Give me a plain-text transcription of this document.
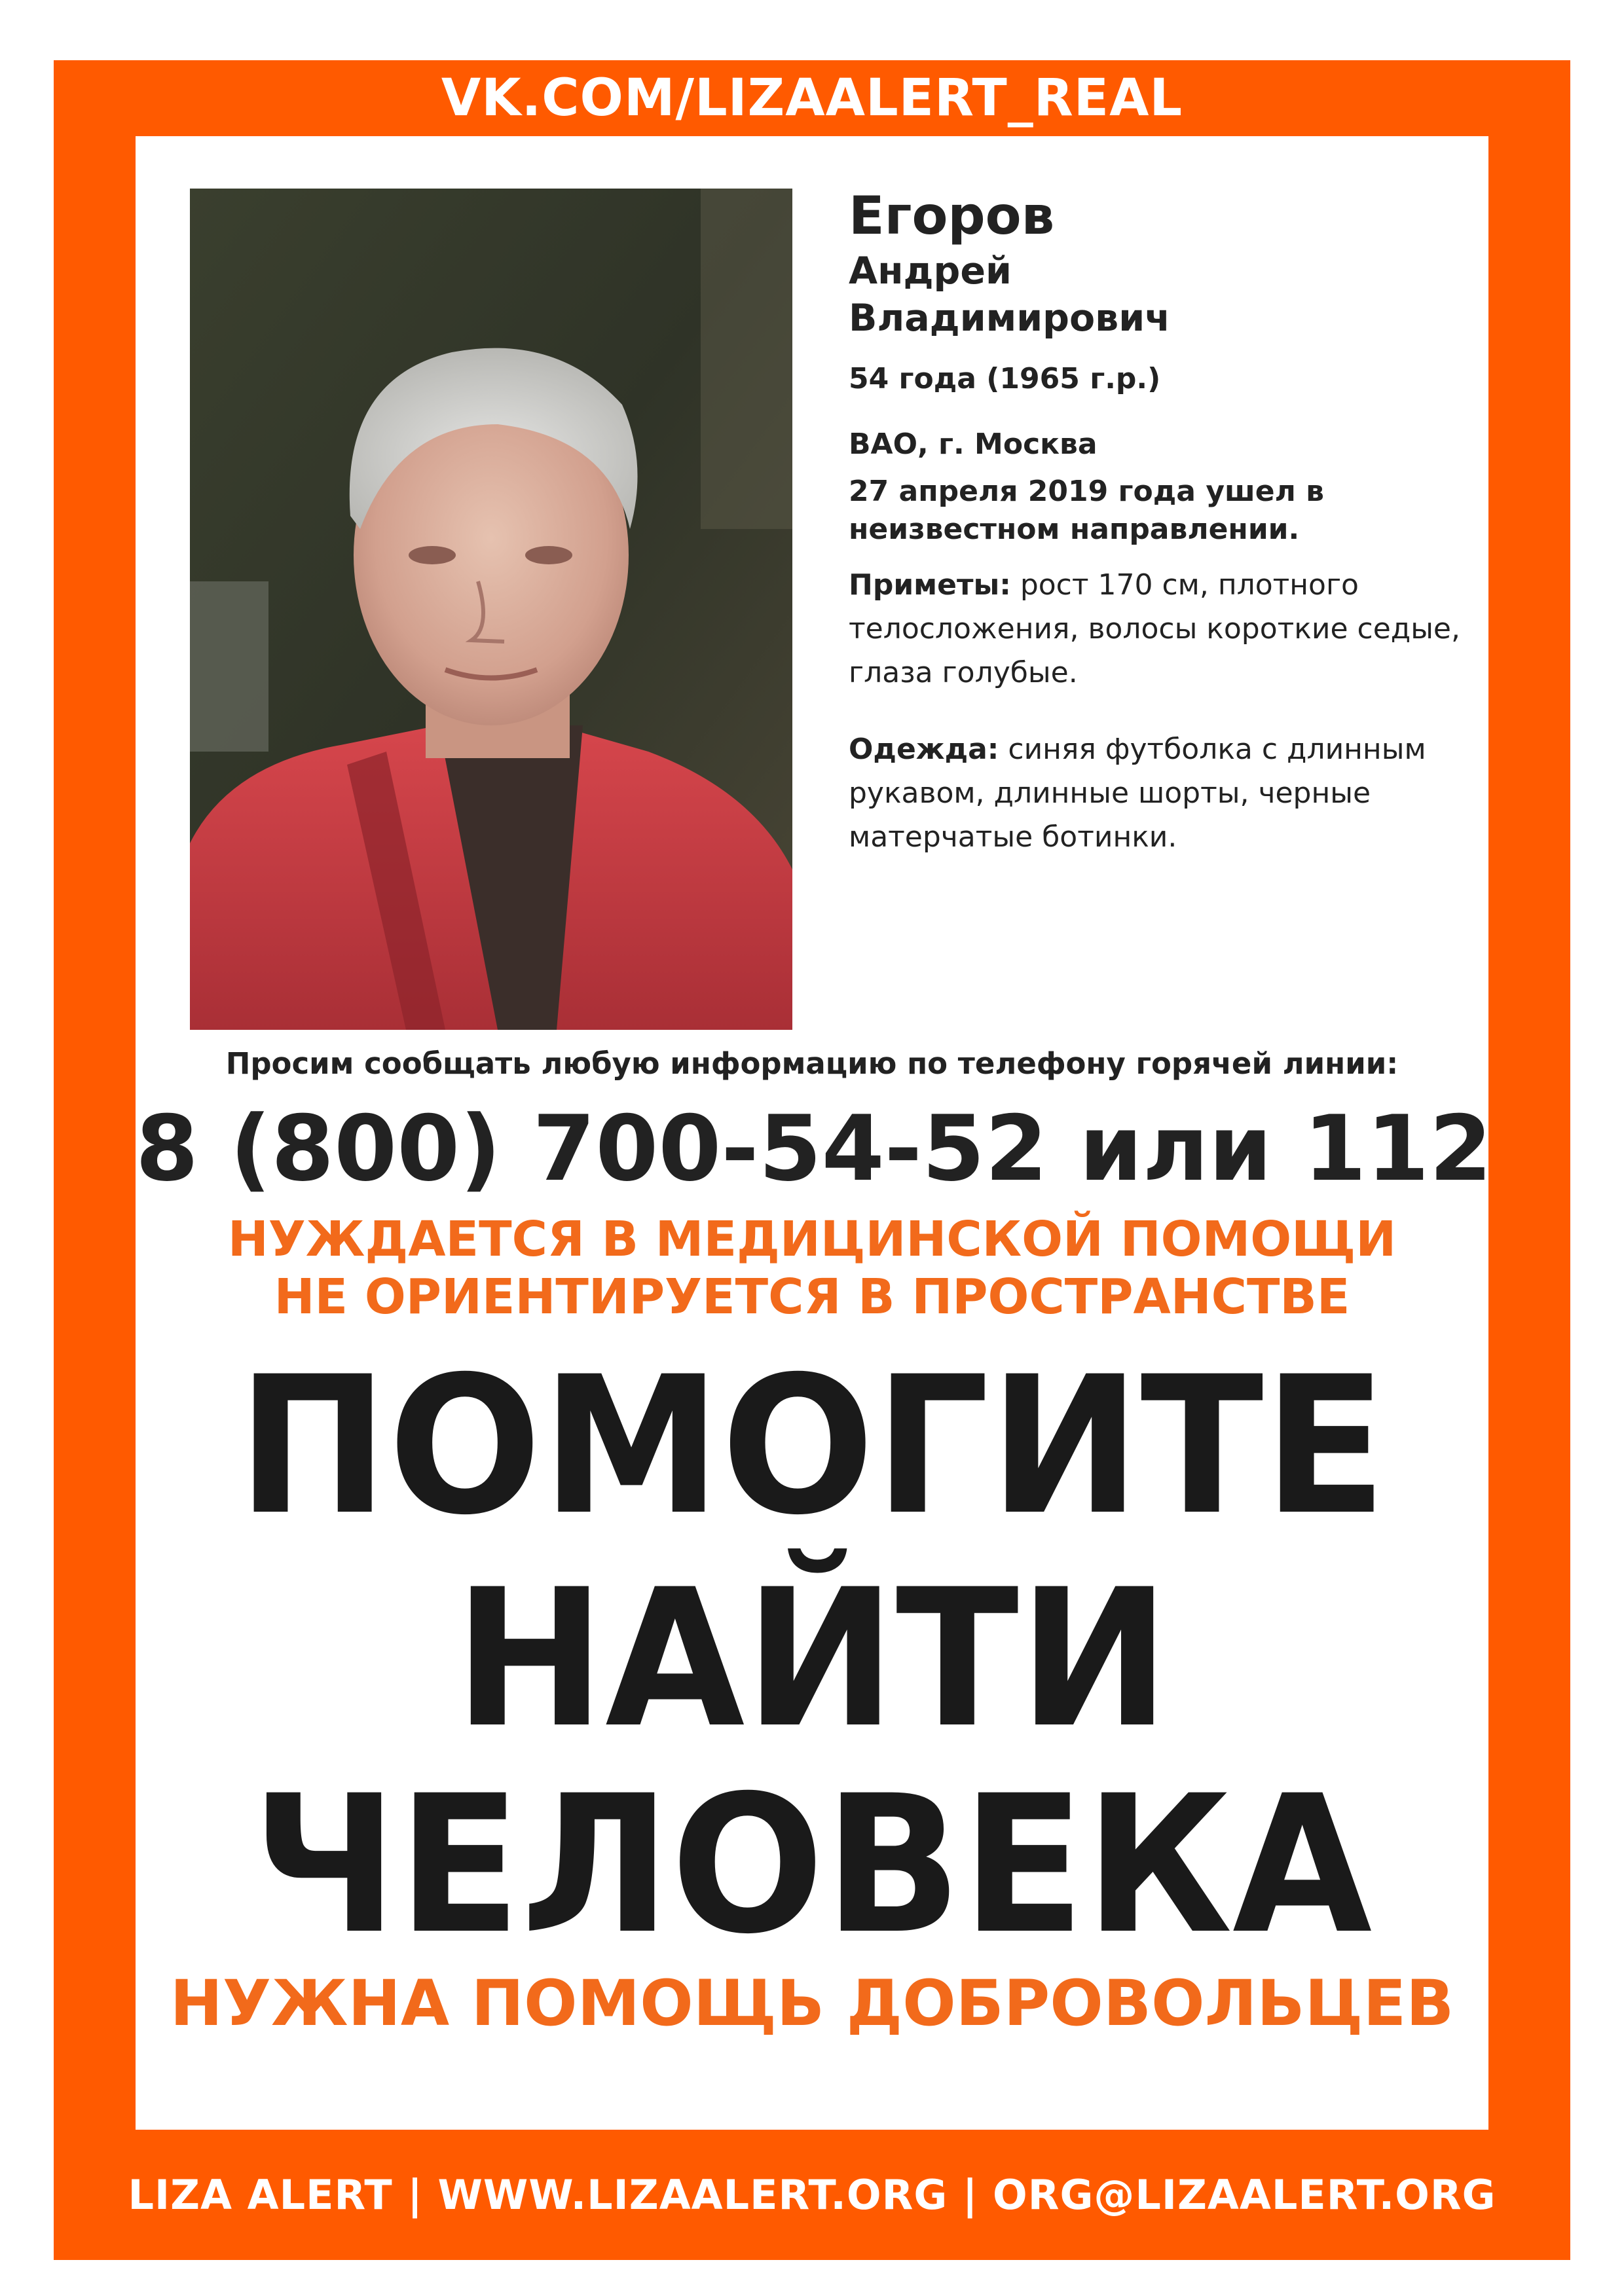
VK.COM/LIZAALERT_REAL
Егоров
Андрей
Владимирович
54 года (1965 г.р.)
ВАО, г. Москва
27 апреля 2019 года ушел в неизвестном направлении.
Приметы: рост 170 см, плотного телосложения, волосы короткие седые, глаза голубые.
Одежда: синяя футболка с длинным рукавом, длинные шорты, черные матерчатые ботинки.
Просим сообщать любую информацию по телефону горячей линии:
8 (800) 700-54-52 или 112
НУЖДАЕТСЯ В МЕДИЦИНСКОЙ ПОМОЩИ
НЕ ОРИЕНТИРУЕТСЯ В ПРОСТРАНСТВЕ
ПОМОГИТЕ
НАЙТИ
ЧЕЛОВЕКА
НУЖНА ПОМОЩЬ ДОБРОВОЛЬЦЕВ
LIZA ALERT | WWW.LIZAALERT.ORG | ORG@LIZAALERT.ORG
